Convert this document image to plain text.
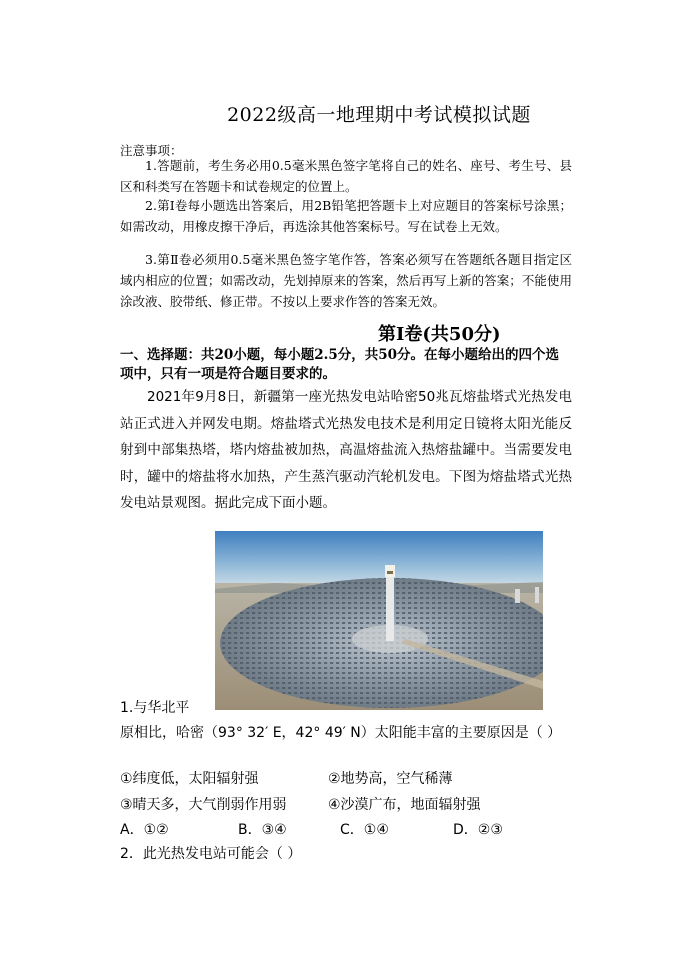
2022级高一地理期中考试模拟试题
注意事项：
1.答题前，考生务必用0.5毫米黑色签字笔将自己的姓名、座号、考生号、县区和科类写在答题卡和试卷规定的位置上。
2.第Ⅰ卷每小题选出答案后，用2B铅笔把答题卡上对应题目的答案标号涂黑；如需改动，用橡皮擦干净后，再选涂其他答案标号。写在试卷上无效。
3.第Ⅱ卷必须用0.5毫米黑色签字笔作答，答案必须写在答题纸各题目指定区域内相应的位置；如需改动，先划掉原来的答案，然后再写上新的答案；不能使用涂改液、胶带纸、修正带。不按以上要求作答的答案无效。
第Ⅰ卷(共50分)
一、选择题：共20小题，每小题2.5分，共50分。在每小题给出的四个选项中，只有一项是符合题目要求的。
2021年9月8日，新疆第一座光热发电站哈密50兆瓦熔盐塔式光热发电站正式进入并网发电期。熔盐塔式光热发电技术是利用定日镜将太阳光能反射到中部集热塔，塔内熔盐被加热，高温熔盐流入热熔盐罐中。当需要发电时，罐中的熔盐将水加热，产生蒸汽驱动汽轮机发电。下图为熔盐塔式光热发电站景观图。据此完成下面小题。
1.与华北平
原相比，哈密（93° 32′ E，42° 49′ N）太阳能丰富的主要原因是（ ）
①纬度低，太阳辐射强	②地势高，空气稀薄
③晴天多，大气削弱作用弱	④沙漠广布，地面辐射强
A．①②	B．③④	C．①④	D．②③
2．此光热发电站可能会（ ）
